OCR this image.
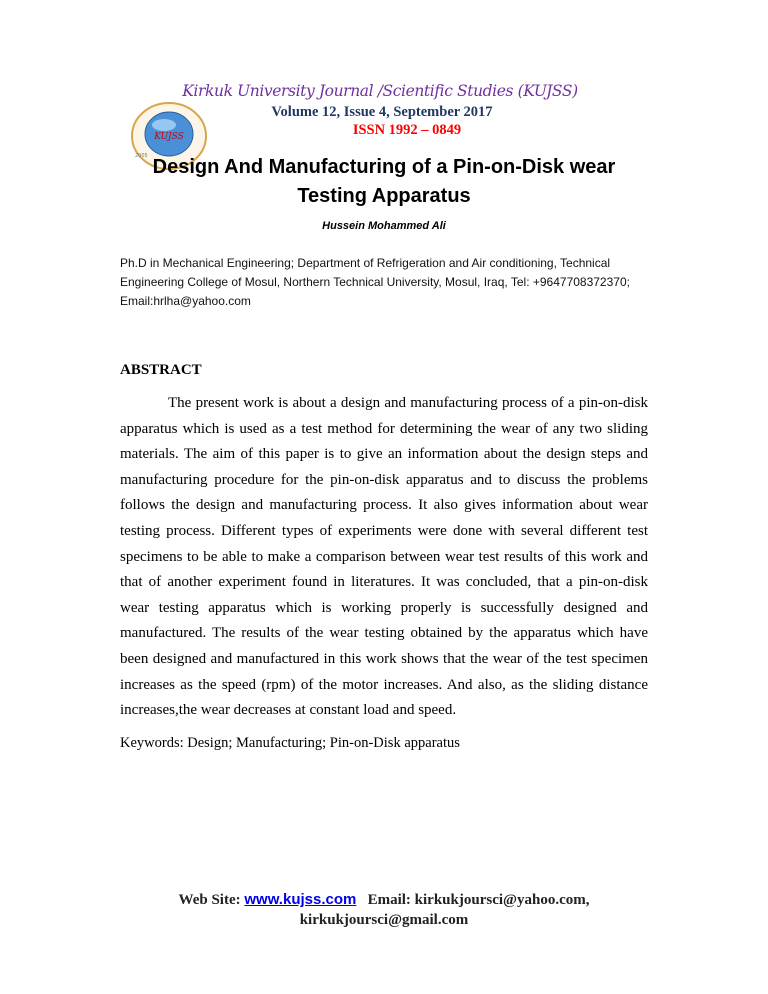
KUJSS
2005
Kirkuk University Journal /Scientific Studies (KUJSS)
Volume 12, Issue 4, September 2017
ISSN 1992 – 0849
Design And Manufacturing of a Pin-on-Disk wear
Testing Apparatus
Hussein Mohammed Ali
Ph.D in Mechanical Engineering; Department of Refrigeration and Air conditioning, Technical Engineering College of Mosul, Northern Technical University, Mosul, Iraq, Tel: +9647708372370; Email:hrlha@yahoo.com
ABSTRACT
The present work is about a design and manufacturing process of a pin-on-disk apparatus which is used as a test method for determining the wear of any two sliding materials. The aim of this paper is to give an information about the design steps and manufacturing procedure for the pin-on-disk apparatus and to discuss the problems follows the design and manufacturing process. It also gives information about wear testing process. Different types of experiments were done with several different test specimens to be able to make a comparison between wear test results of this work and that of another experiment found in literatures. It was concluded, that a pin-on-disk wear testing apparatus which is working properly is successfully designed and manufactured. The results of the wear testing obtained by the apparatus which have been designed and manufactured in this work shows that the wear of the test specimen increases as the speed (rpm) of the motor increases. And also, as the sliding distance increases,the wear decreases at constant load and speed.
Keywords: Design; Manufacturing; Pin-on-Disk apparatus
Web Site: www.kujss.com Email: kirkukjoursci@yahoo.com,
kirkukjoursci@gmail.com
